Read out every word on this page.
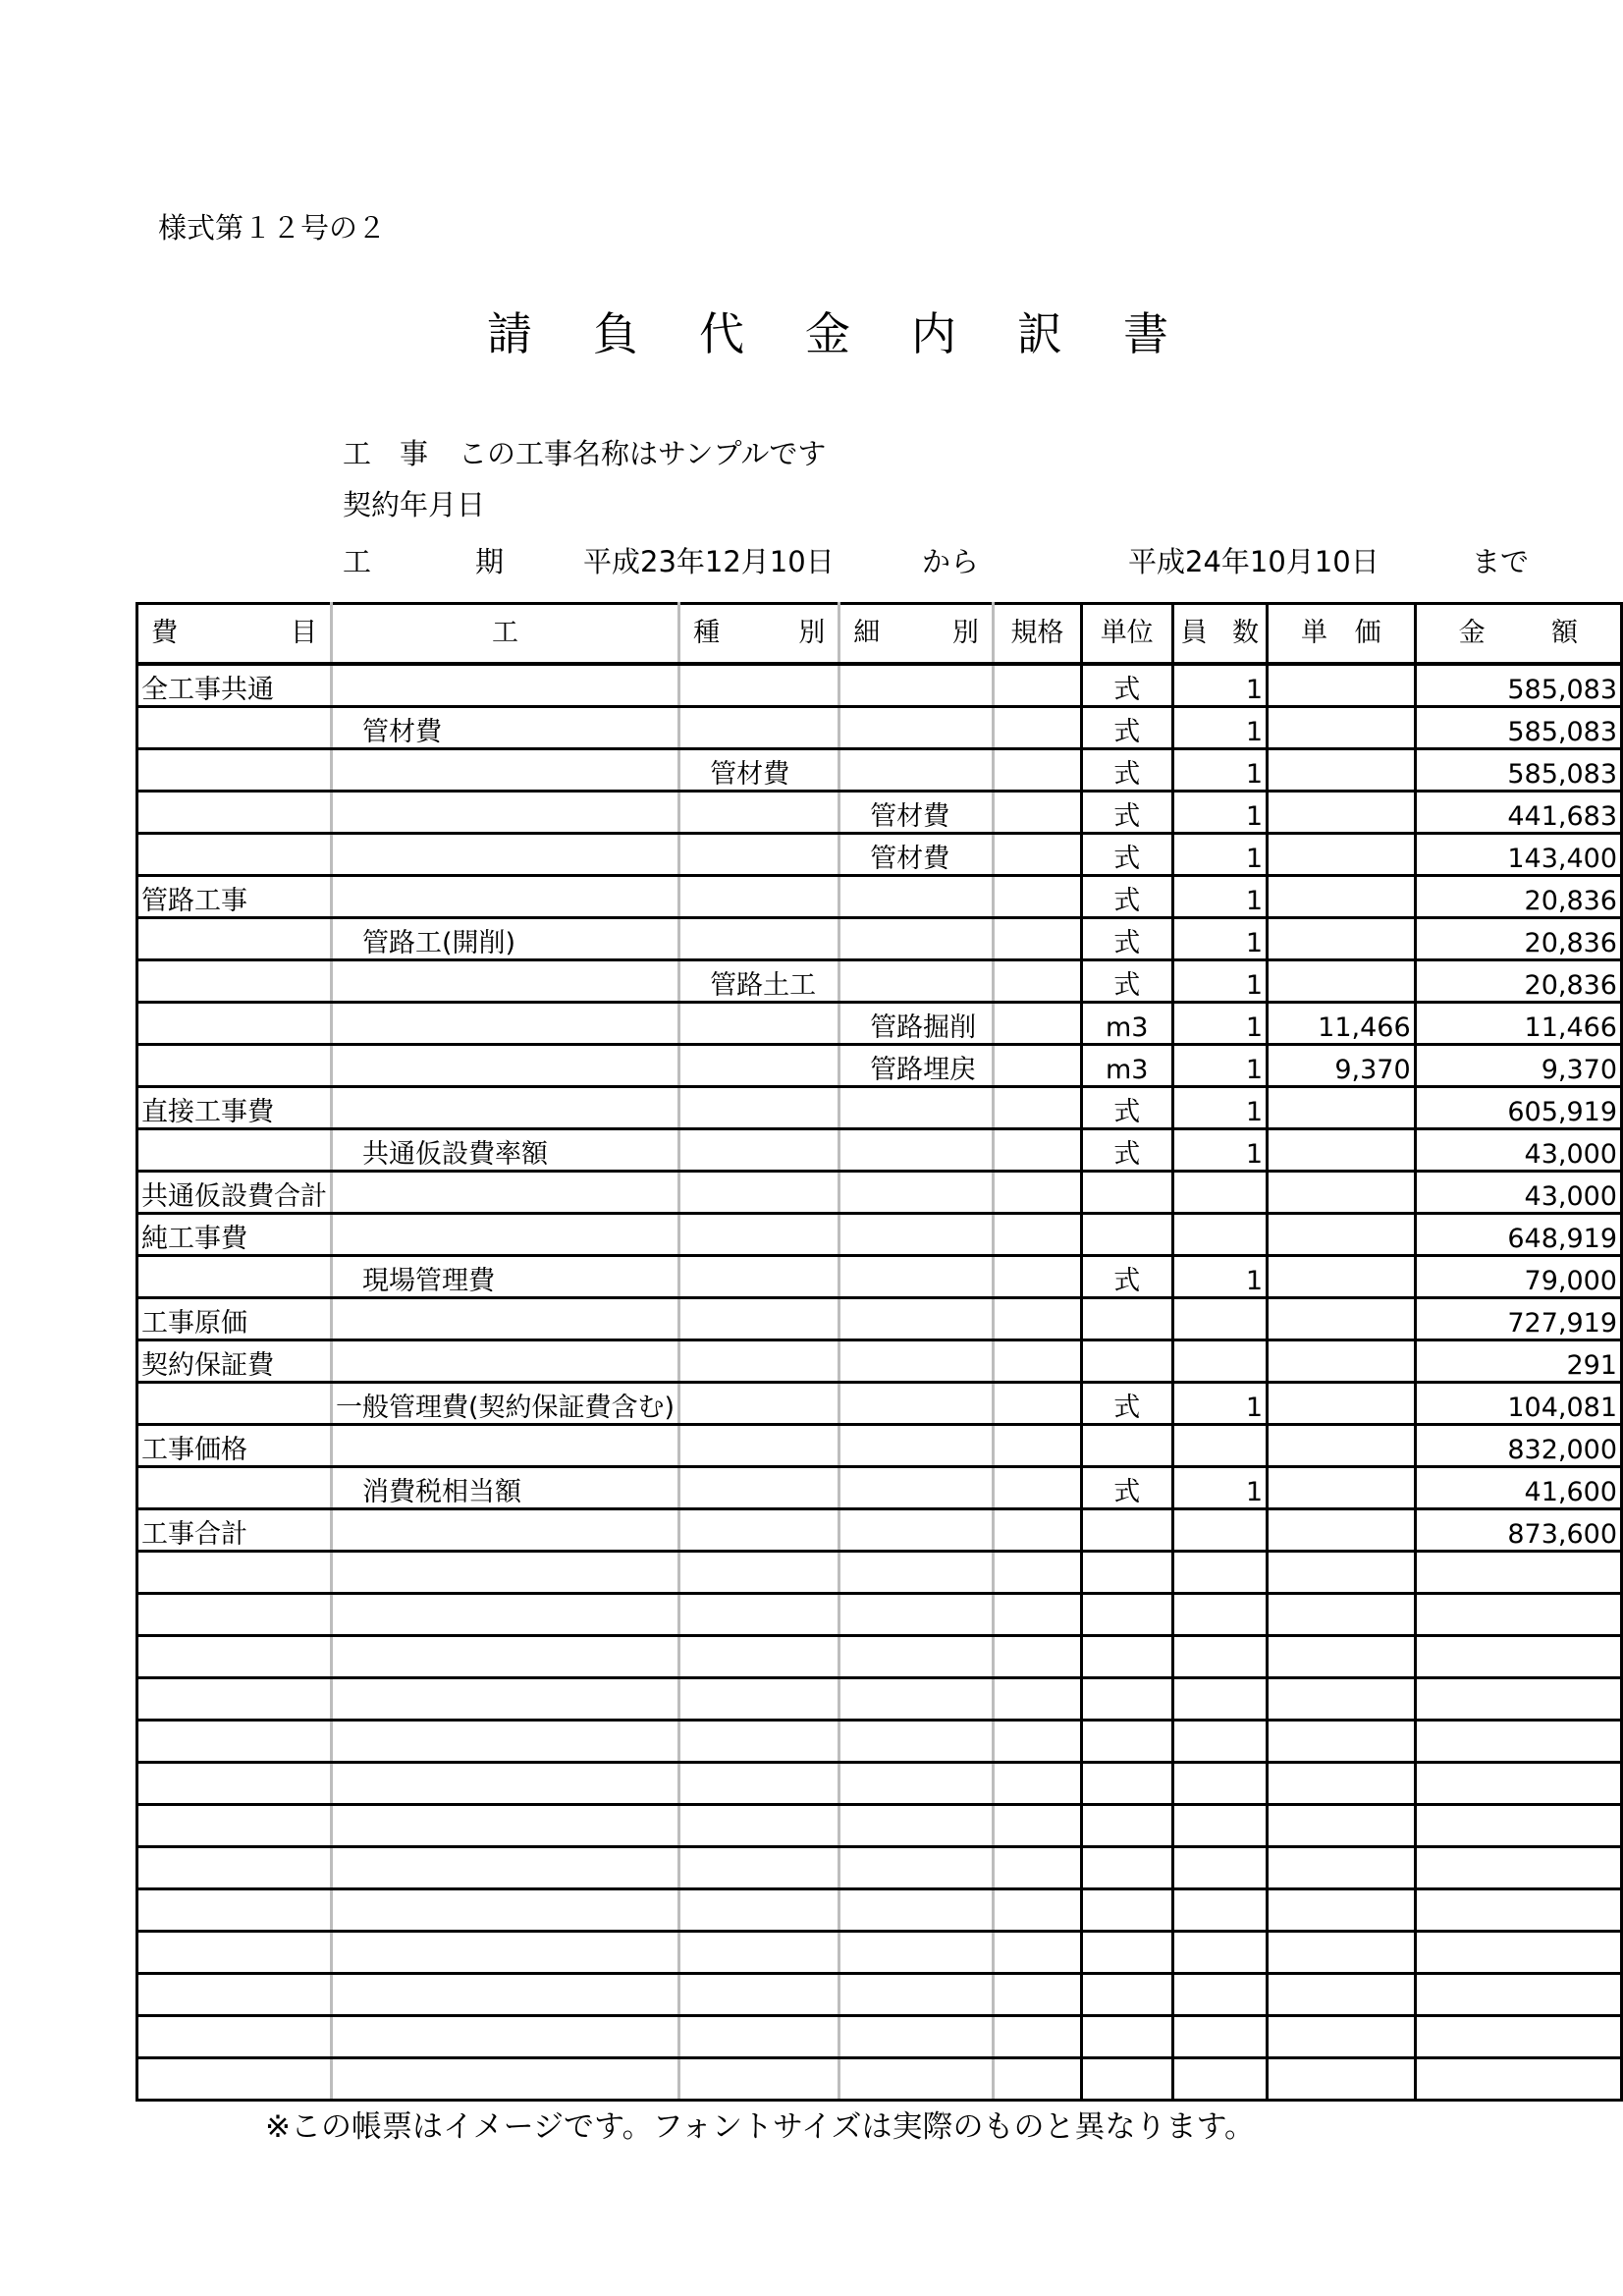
様式第１２号の２
請負代金内訳書
工　事 この工事名称はサンプルです
契約年月日
工	期	平成23年12月10日	から	平成24年10月10日	まで
費 目	工	種 別	細 別	規格	単位	員 数	単 価	金 額

全工事共通					式	1		585,083
	　管材費				式	1		585,083
		　管材費			式	1		585,083
			　管材費		式	1		441,683
			　管材費		式	1		143,400
管路工事					式	1		20,836
	　管路工(開削)				式	1		20,836
		　管路土工			式	1		20,836
			　管路掘削		m3	1	11,466	11,466
			　管路埋戻		m3	1	9,370	9,370
直接工事費					式	1		605,919
	　共通仮設費率額				式	1		43,000
共通仮設費合計								43,000
純工事費								648,919
	　現場管理費				式	1		79,000
工事原価								727,919
契約保証費								291
	一般管理費(契約保証費含む)				式	1		104,081
工事価格								832,000
	　消費税相当額				式	1		41,600
工事合計								873,600

※この帳票はイメージです。フォントサイズは実際のものと異なります。
